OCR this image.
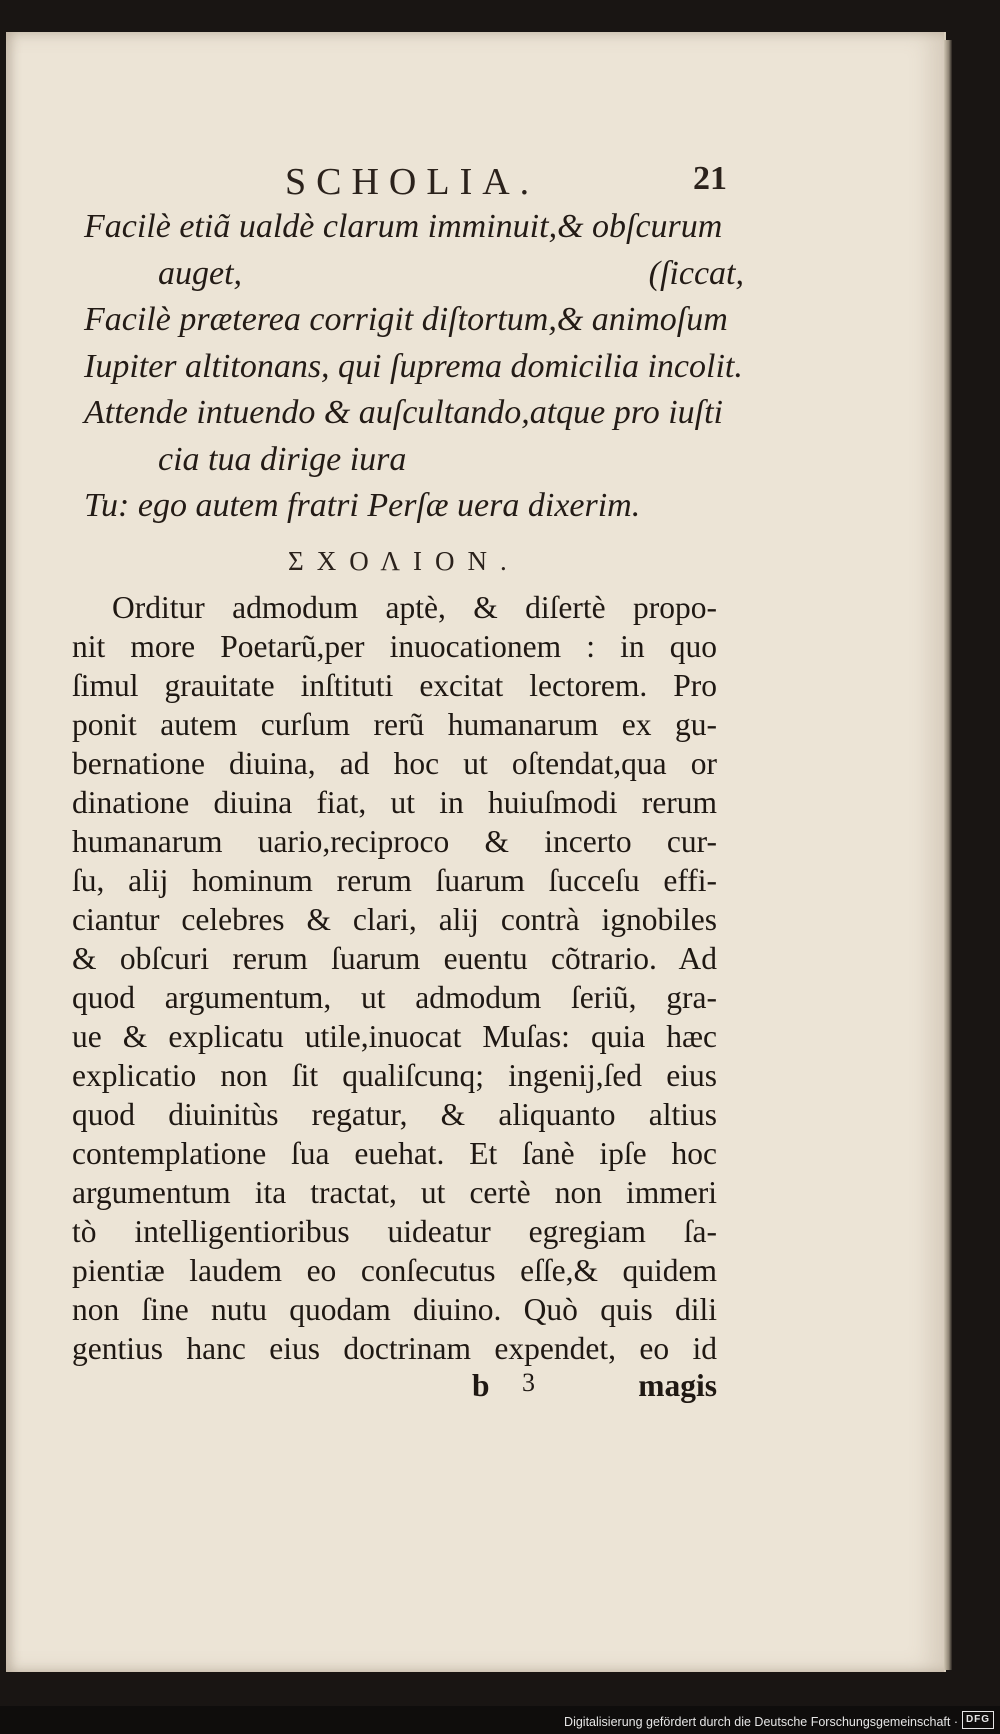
SCHOLIA.	21
Facilè etiã ualdè clarum imminuit,& obſcurum
auget,	(ſiccat,
Facilè præterea corrigit diſtortum,& animoſum
Iupiter altitonans, qui ſuprema domicilia incolit.
Attende intuendo & auſcultando,atque pro iuſti
cia tua dirige iura
Tu: ego autem fratri Perſæ uera dixerim.
ΣΧΟΛΙΟΝ.
Orditur admodum aptè, & diſertè propo-
nit more Poetarũ,per inuocationem : in quo
ſimul grauitate inſtituti excitat lectorem. Pro
ponit autem curſum rerũ humanarum ex gu-
bernatione diuina, ad hoc ut oſtendat,qua or
dinatione diuina fiat, ut in huiuſmodi rerum
humanarum uario,reciproco & incerto cur-
ſu, alij hominum rerum ſuarum ſucceſu effi-
ciantur celebres & clari, alij contrà ignobiles
& obſcuri rerum ſuarum euentu cõtrario. Ad
quod argumentum, ut admodum ſeriũ, gra-
ue & explicatu utile,inuocat Muſas: quia hæc
explicatio non ſit qualiſcunq; ingenij,ſed eius
quod diuinitùs regatur, & aliquanto altius
contemplatione ſua euehat. Et ſanè ipſe hoc
argumentum ita tractat, ut certè non immeri
tò intelligentioribus uideatur egregiam ſa-
pientiæ laudem eo conſecutus eſſe,& quidem
non ſine nutu quodam diuino. Quò quis dili
gentius hanc eius doctrinam expendet, eo id
b 3	magis
Digitalisierung gefördert durch die Deutsche Forschungsgemeinschaft · DFG
